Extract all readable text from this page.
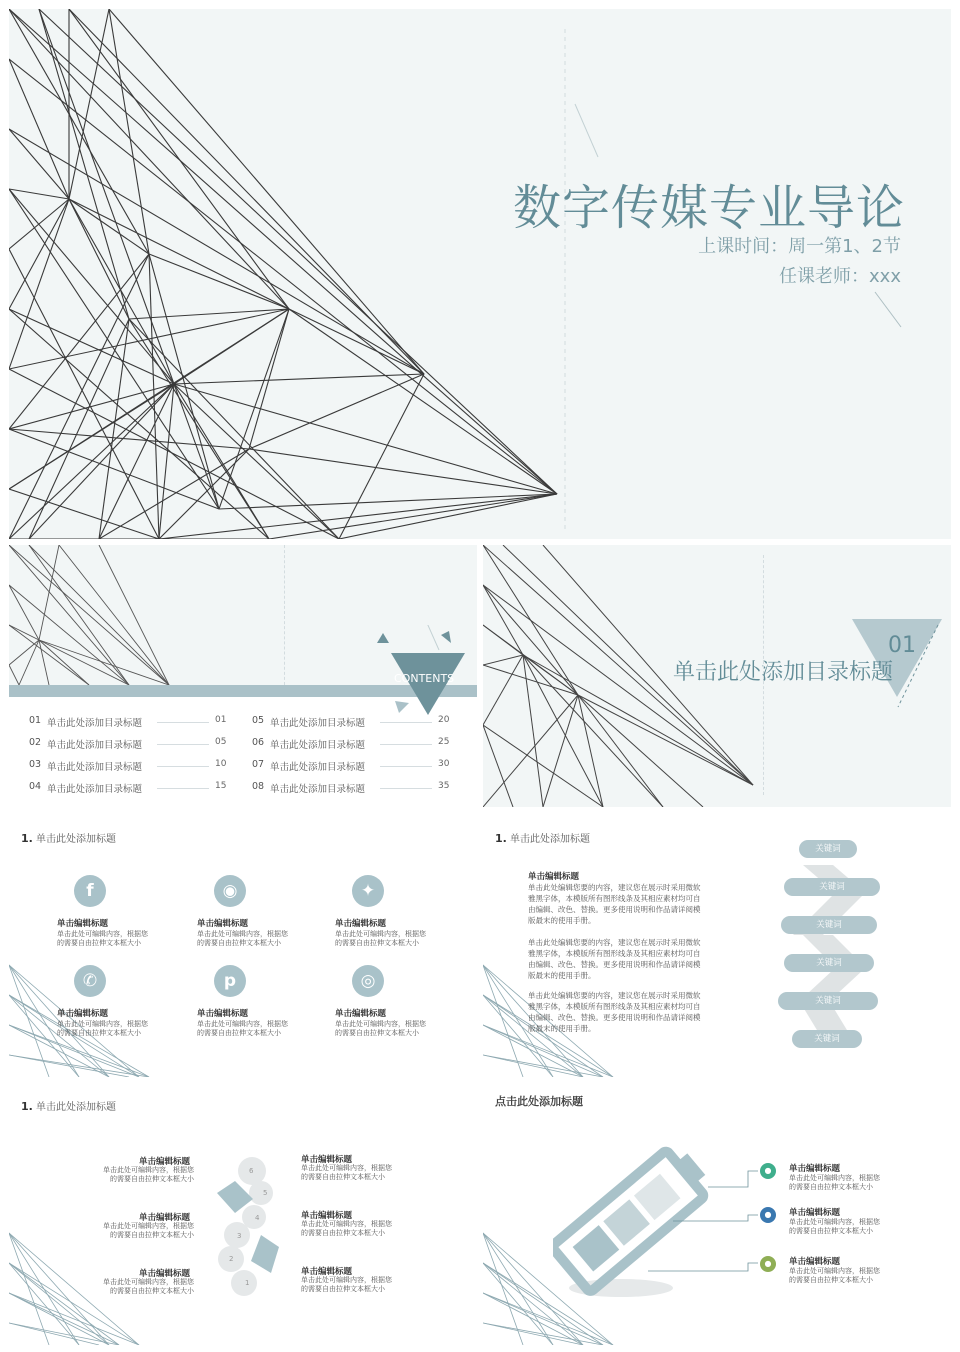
数字传媒专业导论
上课时间：周一第1、2节
任课老师：xxx
CONTENTS
01 单击此处添加目录标题	01
02 单击此处添加目录标题	05
03 单击此处添加目录标题	10
04 单击此处添加目录标题	15
05 单击此处添加目录标题	20
06 单击此处添加目录标题	25
07 单击此处添加目录标题	30
08 单击此处添加目录标题	35
01
单击此处添加目录标题
1. 单击此处添加标题
f
单击编辑标题
单击此处可编辑内容，根据您的需要自由拉伸文本框大小
◉
单击编辑标题
单击此处可编辑内容，根据您的需要自由拉伸文本框大小
✦
单击编辑标题
单击此处可编辑内容，根据您的需要自由拉伸文本框大小
✆
单击编辑标题
单击此处可编辑内容，根据您的需要自由拉伸文本框大小
p
单击编辑标题
单击此处可编辑内容，根据您的需要自由拉伸文本框大小
◎
单击编辑标题
单击此处可编辑内容，根据您的需要自由拉伸文本框大小
1. 单击此处添加标题
单击编辑标题
单击此处编辑您要的内容，建议您在展示时采用微软雅黑字体，本模版所有图形线条及其相应素材均可自由编辑、改色、替换。更多使用说明和作品请详阅模版最末的使用手册。
单击此处编辑您要的内容，建议您在展示时采用微软雅黑字体，本模版所有图形线条及其相应素材均可自由编辑、改色、替换。更多使用说明和作品请详阅模版最末的使用手册。
单击此处编辑您要的内容，建议您在展示时采用微软雅黑字体，本模版所有图形线条及其相应素材均可自由编辑、改色、替换。更多使用说明和作品请详阅模版最末的使用手册。
关键词
关键词
关键词
关键词
关键词
关键词
1. 单击此处添加标题
单击编辑标题
单击此处可编辑内容，根据您的需要自由拉伸文本框大小
单击编辑标题
单击此处可编辑内容，根据您的需要自由拉伸文本框大小
单击编辑标题
单击此处可编辑内容，根据您的需要自由拉伸文本框大小
单击编辑标题
单击此处可编辑内容，根据您的需要自由拉伸文本框大小
单击编辑标题
单击此处可编辑内容，根据您的需要自由拉伸文本框大小
单击编辑标题
单击此处可编辑内容，根据您的需要自由拉伸文本框大小
1
2
3
4
5
6
点击此处添加标题
●	单击编辑标题
单击此处可编辑内容，根据您的需要自由拉伸文本框大小
●	单击编辑标题
单击此处可编辑内容，根据您的需要自由拉伸文本框大小
●	单击编辑标题
单击此处可编辑内容，根据您的需要自由拉伸文本框大小
